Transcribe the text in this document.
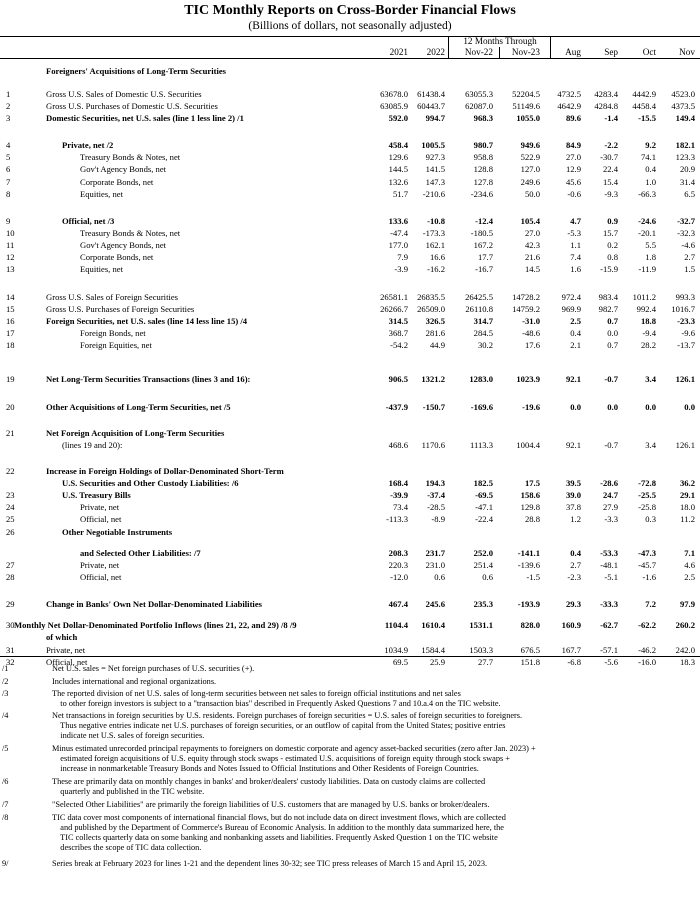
TIC Monthly Reports on Cross-Border Financial Flows
(Billions of dollars, not seasonally adjusted)
12 Months Through
2021	2022	Nov-22	Nov-23	Aug	Sep	Oct	Nov
Foreigners' Acquisitions of Long-Term Securities
1	Gross U.S. Sales of Domestic U.S. Securities	63678.0	61438.4	63055.3	52204.5	4732.5	4283.4	4442.9	4523.0
2	Gross U.S. Purchases of Domestic U.S. Securities	63085.9	60443.7	62087.0	51149.6	4642.9	4284.8	4458.4	4373.5
3	Domestic Securities, net U.S. sales (line 1 less line 2) /1	592.0	994.7	968.3	1055.0	89.6	-1.4	-15.5	149.4
4	Private, net /2	458.4	1005.5	980.7	949.6	84.9	-2.2	9.2	182.1
5	Treasury Bonds & Notes, net	129.6	927.3	958.8	522.9	27.0	-30.7	74.1	123.3
6	Gov't Agency Bonds, net	144.5	141.5	128.8	127.0	12.9	22.4	0.4	20.9
7	Corporate Bonds, net	132.6	147.3	127.8	249.6	45.6	15.4	1.0	31.4
8	Equities, net	51.7	-210.6	-234.6	50.0	-0.6	-9.3	-66.3	6.5
9	Official, net /3	133.6	-10.8	-12.4	105.4	4.7	0.9	-24.6	-32.7
10	Treasury Bonds & Notes, net	-47.4	-173.3	-180.5	27.0	-5.3	15.7	-20.1	-32.3
11	Gov't Agency Bonds, net	177.0	162.1	167.2	42.3	1.1	0.2	5.5	-4.6
12	Corporate Bonds, net	7.9	16.6	17.7	21.6	7.4	0.8	1.8	2.7
13	Equities, net	-3.9	-16.2	-16.7	14.5	1.6	-15.9	-11.9	1.5
14	Gross U.S. Sales of Foreign Securities	26581.1	26835.5	26425.5	14728.2	972.4	983.4	1011.2	993.3
15	Gross U.S. Purchases of Foreign Securities	26266.7	26509.0	26110.8	14759.2	969.9	982.7	992.4	1016.7
16	Foreign Securities, net U.S. sales (line 14 less line 15) /4	314.5	326.5	314.7	-31.0	2.5	0.7	18.8	-23.3
17	Foreign Bonds, net	368.7	281.6	284.5	-48.6	0.4	0.0	-9.4	-9.6
18	Foreign Equities, net	-54.2	44.9	30.2	17.6	2.1	0.7	28.2	-13.7
19	Net Long-Term Securities Transactions (lines 3 and 16):	906.5	1321.2	1283.0	1023.9	92.1	-0.7	3.4	126.1
20	Other Acquisitions of Long-Term Securities, net /5	-437.9	-150.7	-169.6	-19.6	0.0	0.0	0.0	0.0
21	Net Foreign Acquisition of Long-Term Securities
(lines 19 and 20):	468.6	1170.6	1113.3	1004.4	92.1	-0.7	3.4	126.1
22	Increase in Foreign Holdings of Dollar-Denominated Short-Term
U.S. Securities and Other Custody Liabilities: /6	168.4	194.3	182.5	17.5	39.5	-28.6	-72.8	36.2
23	U.S. Treasury Bills	-39.9	-37.4	-69.5	158.6	39.0	24.7	-25.5	29.1
24	Private, net	73.4	-28.5	-47.1	129.8	37.8	27.9	-25.8	18.0
25	Official, net	-113.3	-8.9	-22.4	28.8	1.2	-3.3	0.3	11.2
26	Other Negotiable Instruments
and Selected Other Liabilities: /7	208.3	231.7	252.0	-141.1	0.4	-53.3	-47.3	7.1
27	Private, net	220.3	231.0	251.4	-139.6	2.7	-48.1	-45.7	4.6
28	Official, net	-12.0	0.6	0.6	-1.5	-2.3	-5.1	-1.6	2.5
29	Change in Banks' Own Net Dollar-Denominated Liabilities	467.4	245.6	235.3	-193.9	29.3	-33.3	7.2	97.9
30 Monthly Net Dollar-Denominated Portfolio Inflows (lines 21, 22, and 29) /8 /9	1104.4	1610.4	1531.1	828.0	160.9	-62.7	-62.2	260.2
of which
31	Private, net	1034.9	1584.4	1503.3	676.5	167.7	-57.1	-46.2	242.0
32	Official, net	69.5	25.9	27.7	151.8	-6.8	-5.6	-16.0	18.3
/1	Net U.S. sales = Net foreign purchases of U.S. securities (+).
/2	Includes international and regional organizations.
/3	The reported division of net U.S. sales of long-term securities between net sales to foreign official institutions and net sales
to other foreign investors is subject to a "transaction bias" described in Frequently Asked Questions 7 and 10.a.4 on the TIC website.
/4	Net transactions in foreign securities by U.S. residents. Foreign purchases of foreign securities = U.S. sales of foreign securities to foreigners.
Thus negative entries indicate net U.S. purchases of foreign securities, or an outflow of capital from the United States; positive entries
indicate net U.S. sales of foreign securities.
/5	Minus estimated unrecorded principal repayments to foreigners on domestic corporate and agency asset-backed securities (zero after Jan. 2023) +
estimated foreign acquisitions of U.S. equity through stock swaps - estimated U.S. acquisitions of foreign equity through stock swaps +
increase in nonmarketable Treasury Bonds and Notes Issued to Official Institutions and Other Residents of Foreign Countries.
/6	These are primarily data on monthly changes in banks' and broker/dealers' custody liabilities. Data on custody claims are collected
quarterly and published in the TIC website.
/7	"Selected Other Liabilities" are primarily the foreign liabilities of U.S. customers that are managed by U.S. banks or broker/dealers.
/8	TIC data cover most components of international financial flows, but do not include data on direct investment flows, which are collected
and published by the Department of Commerce's Bureau of Economic Analysis. In addition to the monthly data summarized here, the
TIC collects quarterly data on some banking and nonbanking assets and liabilities. Frequently Asked Question 1 on the TIC website
describes the scope of TIC data collection.
9/	Series break at February 2023 for lines 1-21 and the dependent lines 30-32; see TIC press releases of March 15 and April 15, 2023.
